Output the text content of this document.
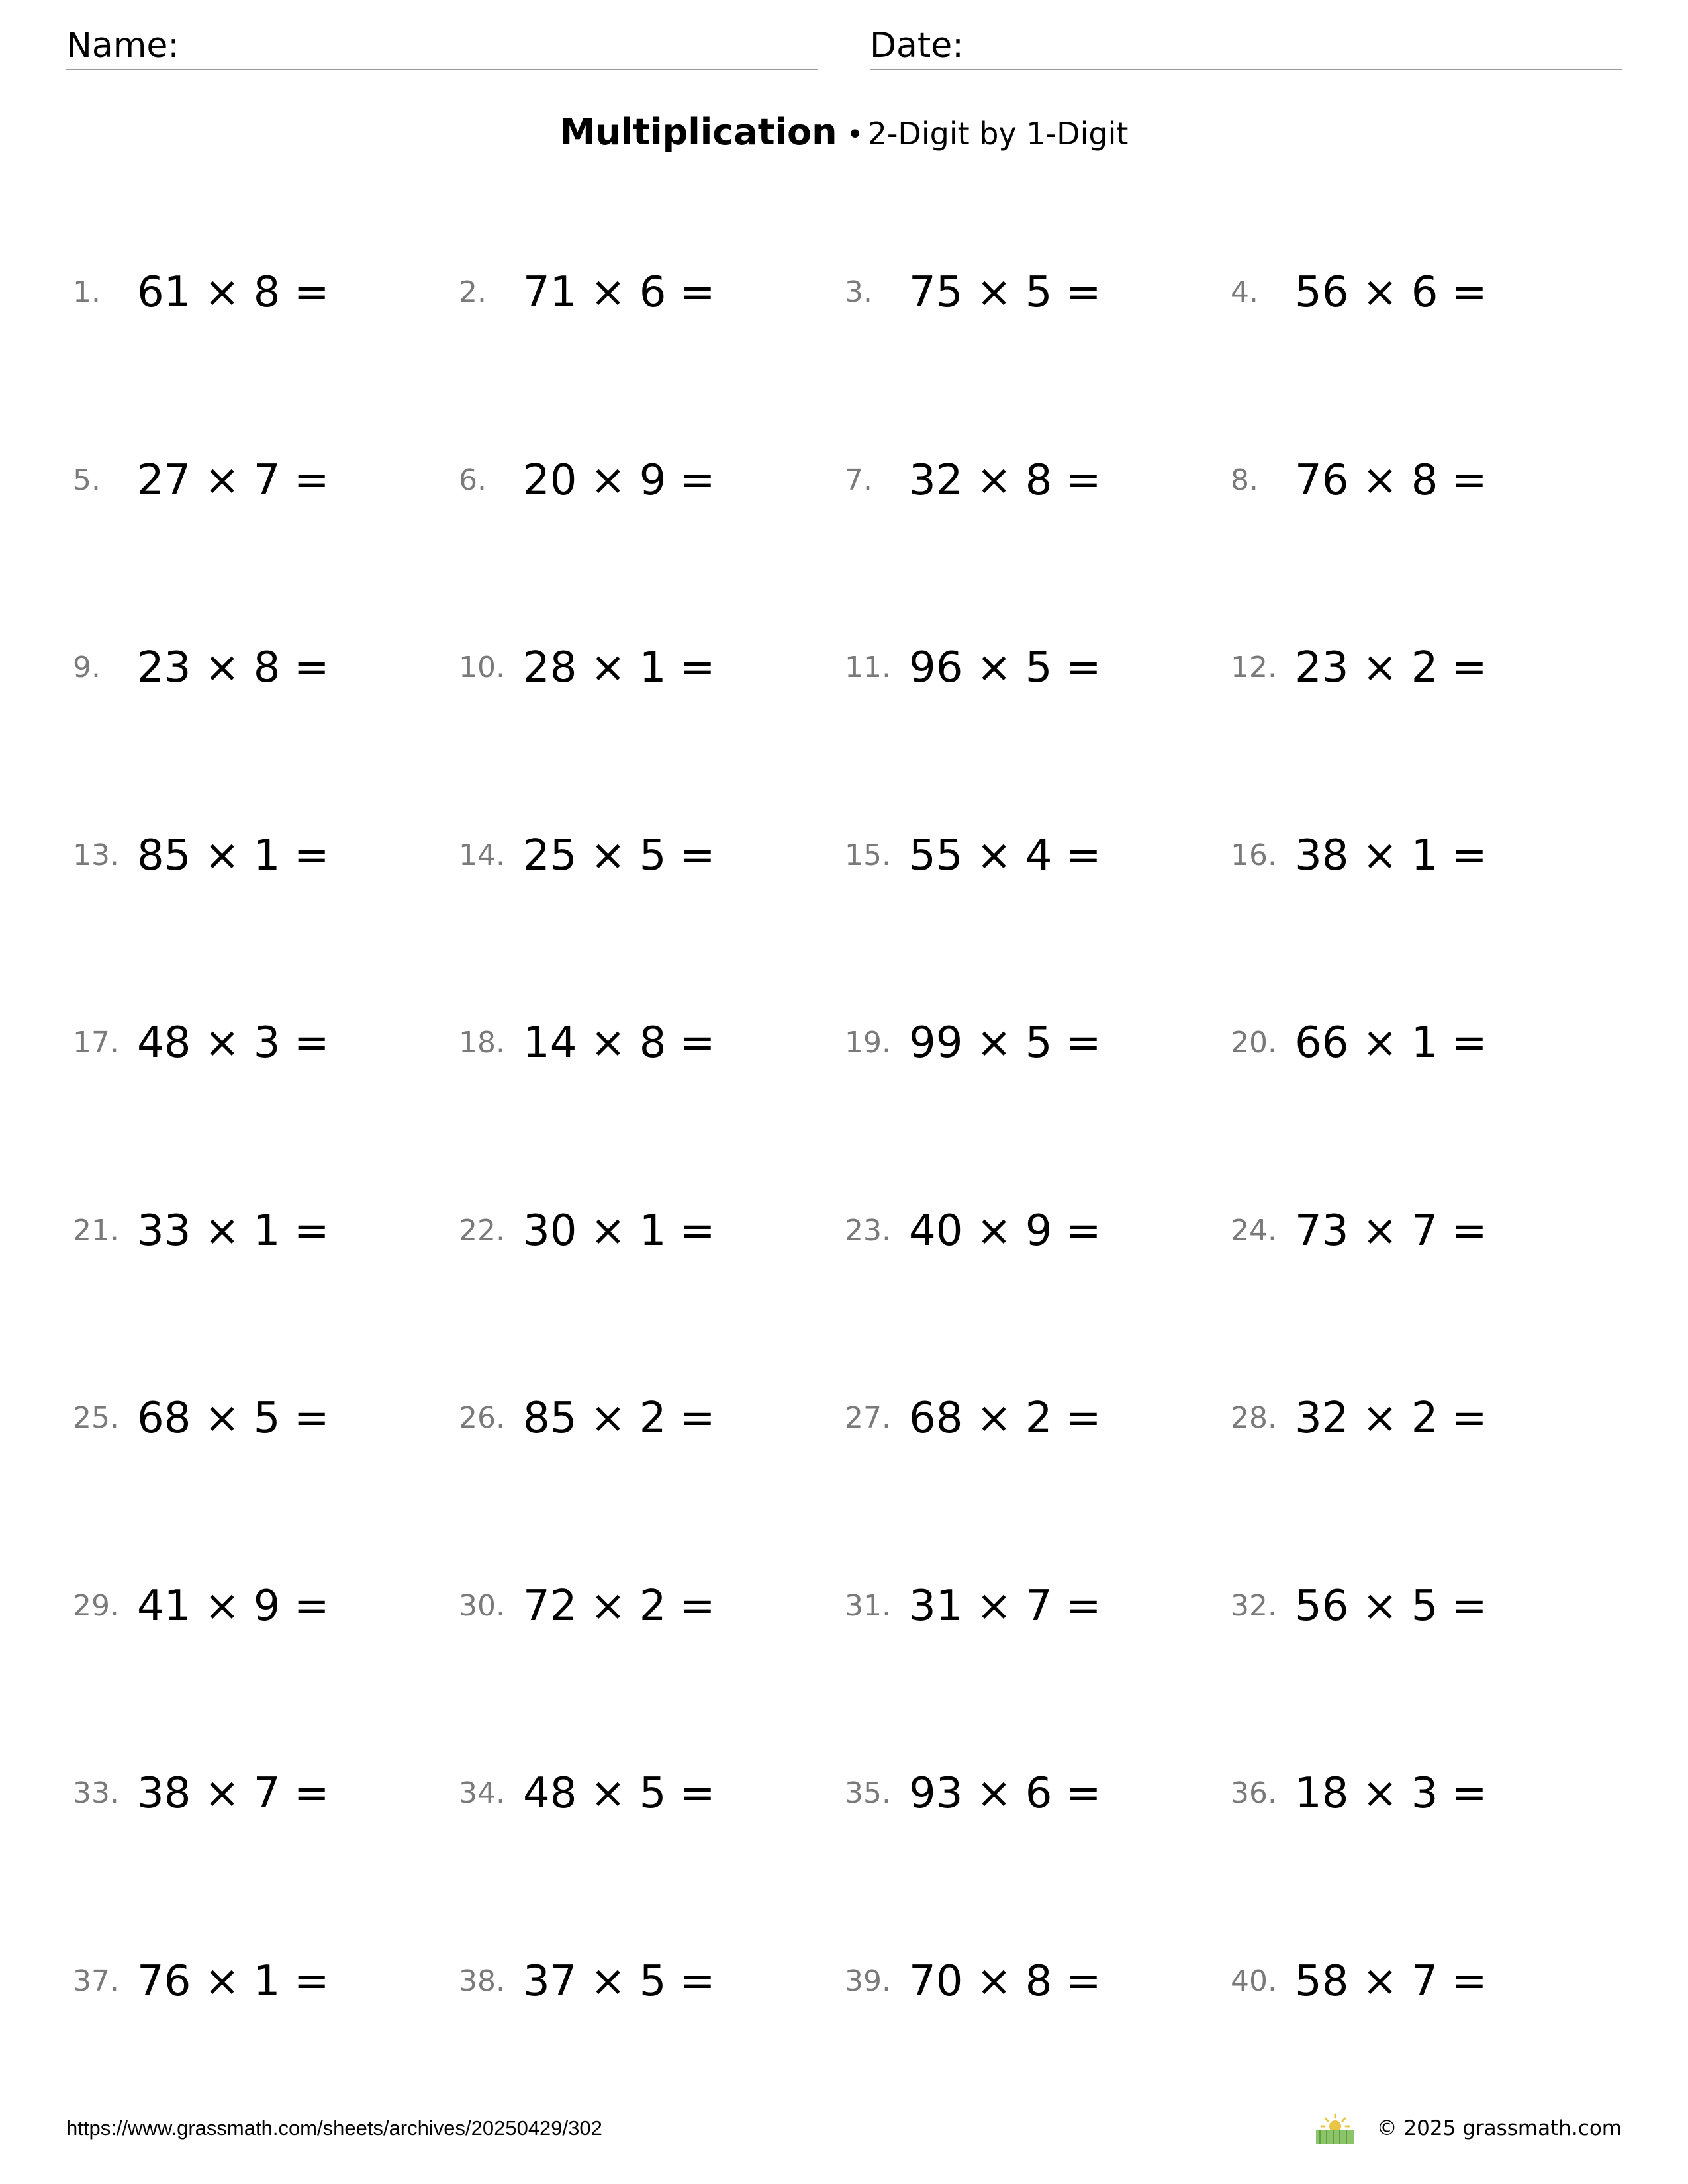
Name:	Date:
Multiplication • 2-Digit by 1-Digit
1. 61 × 8 =	2. 71 × 6 =	3. 75 × 5 =	4. 56 × 6 =
5. 27 × 7 =	6. 20 × 9 =	7. 32 × 8 =	8. 76 × 8 =
9. 23 × 8 =	10. 28 × 1 =	11. 96 × 5 =	12. 23 × 2 =
13. 85 × 1 =	14. 25 × 5 =	15. 55 × 4 =	16. 38 × 1 =
17. 48 × 3 =	18. 14 × 8 =	19. 99 × 5 =	20. 66 × 1 =
21. 33 × 1 =	22. 30 × 1 =	23. 40 × 9 =	24. 73 × 7 =
25. 68 × 5 =	26. 85 × 2 =	27. 68 × 2 =	28. 32 × 2 =
29. 41 × 9 =	30. 72 × 2 =	31. 31 × 7 =	32. 56 × 5 =
33. 38 × 7 =	34. 48 × 5 =	35. 93 × 6 =	36. 18 × 3 =
37. 76 × 1 =	38. 37 × 5 =	39. 70 × 8 =	40. 58 × 7 =
https://www.grassmath.com/sheets/archives/20250429/302	© 2025 grassmath.com
